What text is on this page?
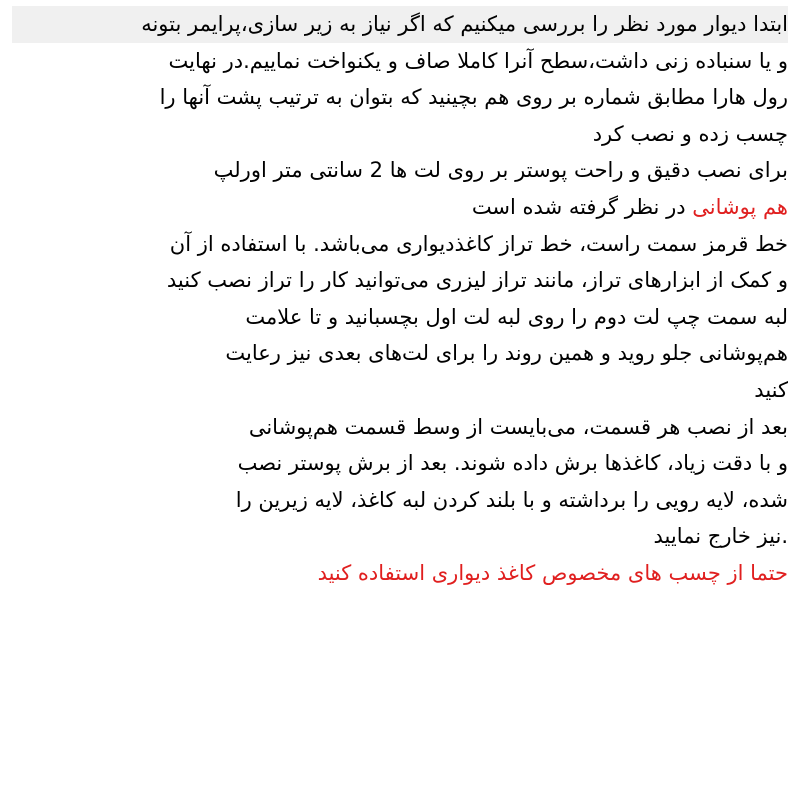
ابتدا دیوار مورد نظر را بررسی میکنیم که اگر نیاز به زیر سازی،پرایمر بتونه
و یا سنباده زنی داشت،سطح آنرا کاملا صاف و یکنواخت نماییم.در نهایت
رول هارا مطابق شماره بر روی هم بچینید که بتوان به ترتیب پشت آنها را
چسب زده و نصب کرد
برای نصب دقیق و راحت پوستر بر روی لت ها 2 سانتی متر اورلپ
هم پوشانی در نظر گرفته شده است
خط قرمز سمت راست، خط تراز کاغذدیواری می‌باشد. با استفاده از آن
و کمک از ابزارهای تراز، مانند تراز لیزری می‌توانید کار را تراز نصب کنید
لبه سمت چپ لت دوم را روی لبه لت اول بچسبانید و تا علامت
هم‌پوشانی جلو روید و همین روند را برای لت‌های بعدی نیز رعایت
کنید
بعد از نصب هر قسمت، می‌بایست از وسط قسمت هم‌پوشانی
و با دقت زیاد، کاغذها برش داده شوند. بعد از برش پوستر نصب
شده، لایه رویی را برداشته و با بلند کردن لبه کاغذ، لایه زیرین را
.نیز خارج نمایید
حتما از چسب های مخصوص کاغذ دیواری استفاده کنید
